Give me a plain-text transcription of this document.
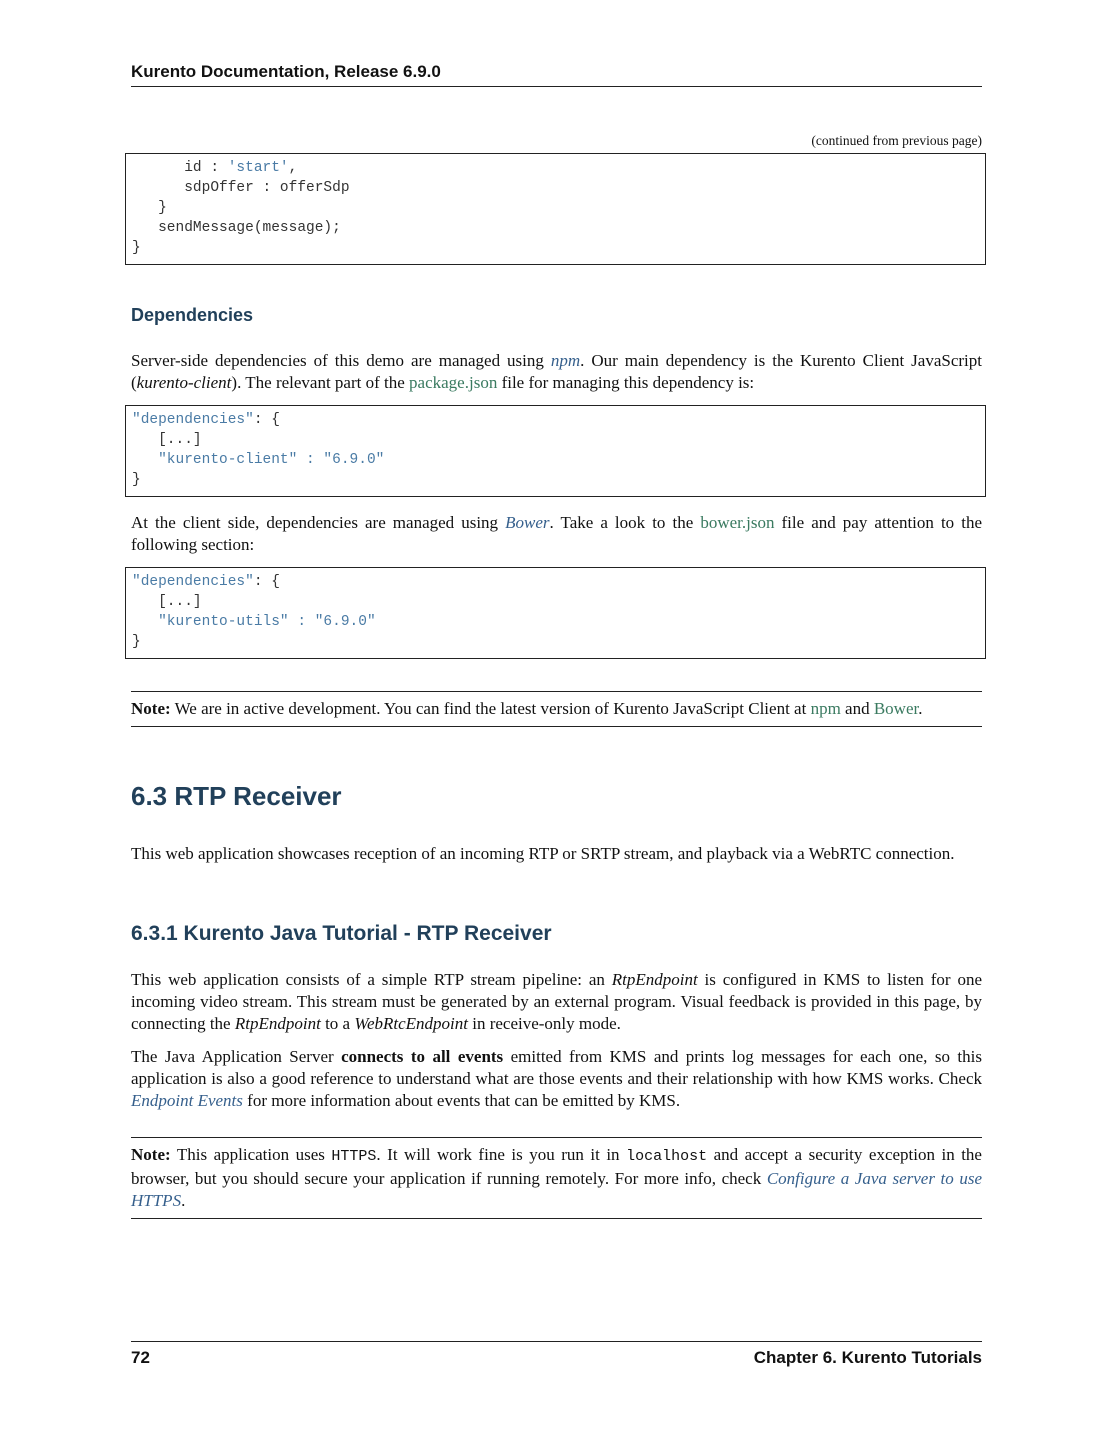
Kurento Documentation, Release 6.9.0
(continued from previous page)
id : 'start',
sdpOffer : offerSdp
}
sendMessage(message);
}
Dependencies

Server-side dependencies of this demo are managed using npm. Our main dependency is the Kurento Client JavaScript (kurento-client). The relevant part of the package.json file for managing this dependency is:

"dependencies": {
[...]
"kurento-client" : "6.9.0"
}

At the client side, dependencies are managed using Bower. Take a look to the bower.json file and pay attention to the following section:

"dependencies": {
[...]
"kurento-utils" : "6.9.0"
}
Note: We are in active development. You can find the latest version of Kurento JavaScript Client at npm and Bower.
6.3 RTP Receiver

This web application showcases reception of an incoming RTP or SRTP stream, and playback via a WebRTC connection.

6.3.1 Kurento Java Tutorial - RTP Receiver

This web application consists of a simple RTP stream pipeline: an RtpEndpoint is configured in KMS to listen for one incoming video stream. This stream must be generated by an external program. Visual feedback is provided in this page, by connecting the RtpEndpoint to a WebRtcEndpoint in receive-only mode.

The Java Application Server connects to all events emitted from KMS and prints log messages for each one, so this application is also a good reference to understand what are those events and their relationship with how KMS works. Check Endpoint Events for more information about events that can be emitted by KMS.

Note: This application uses HTTPS. It will work fine is you run it in localhost and accept a security exception in the browser, but you should secure your application if running remotely. For more info, check Configure a Java server to use HTTPS.
72	Chapter 6. Kurento Tutorials
